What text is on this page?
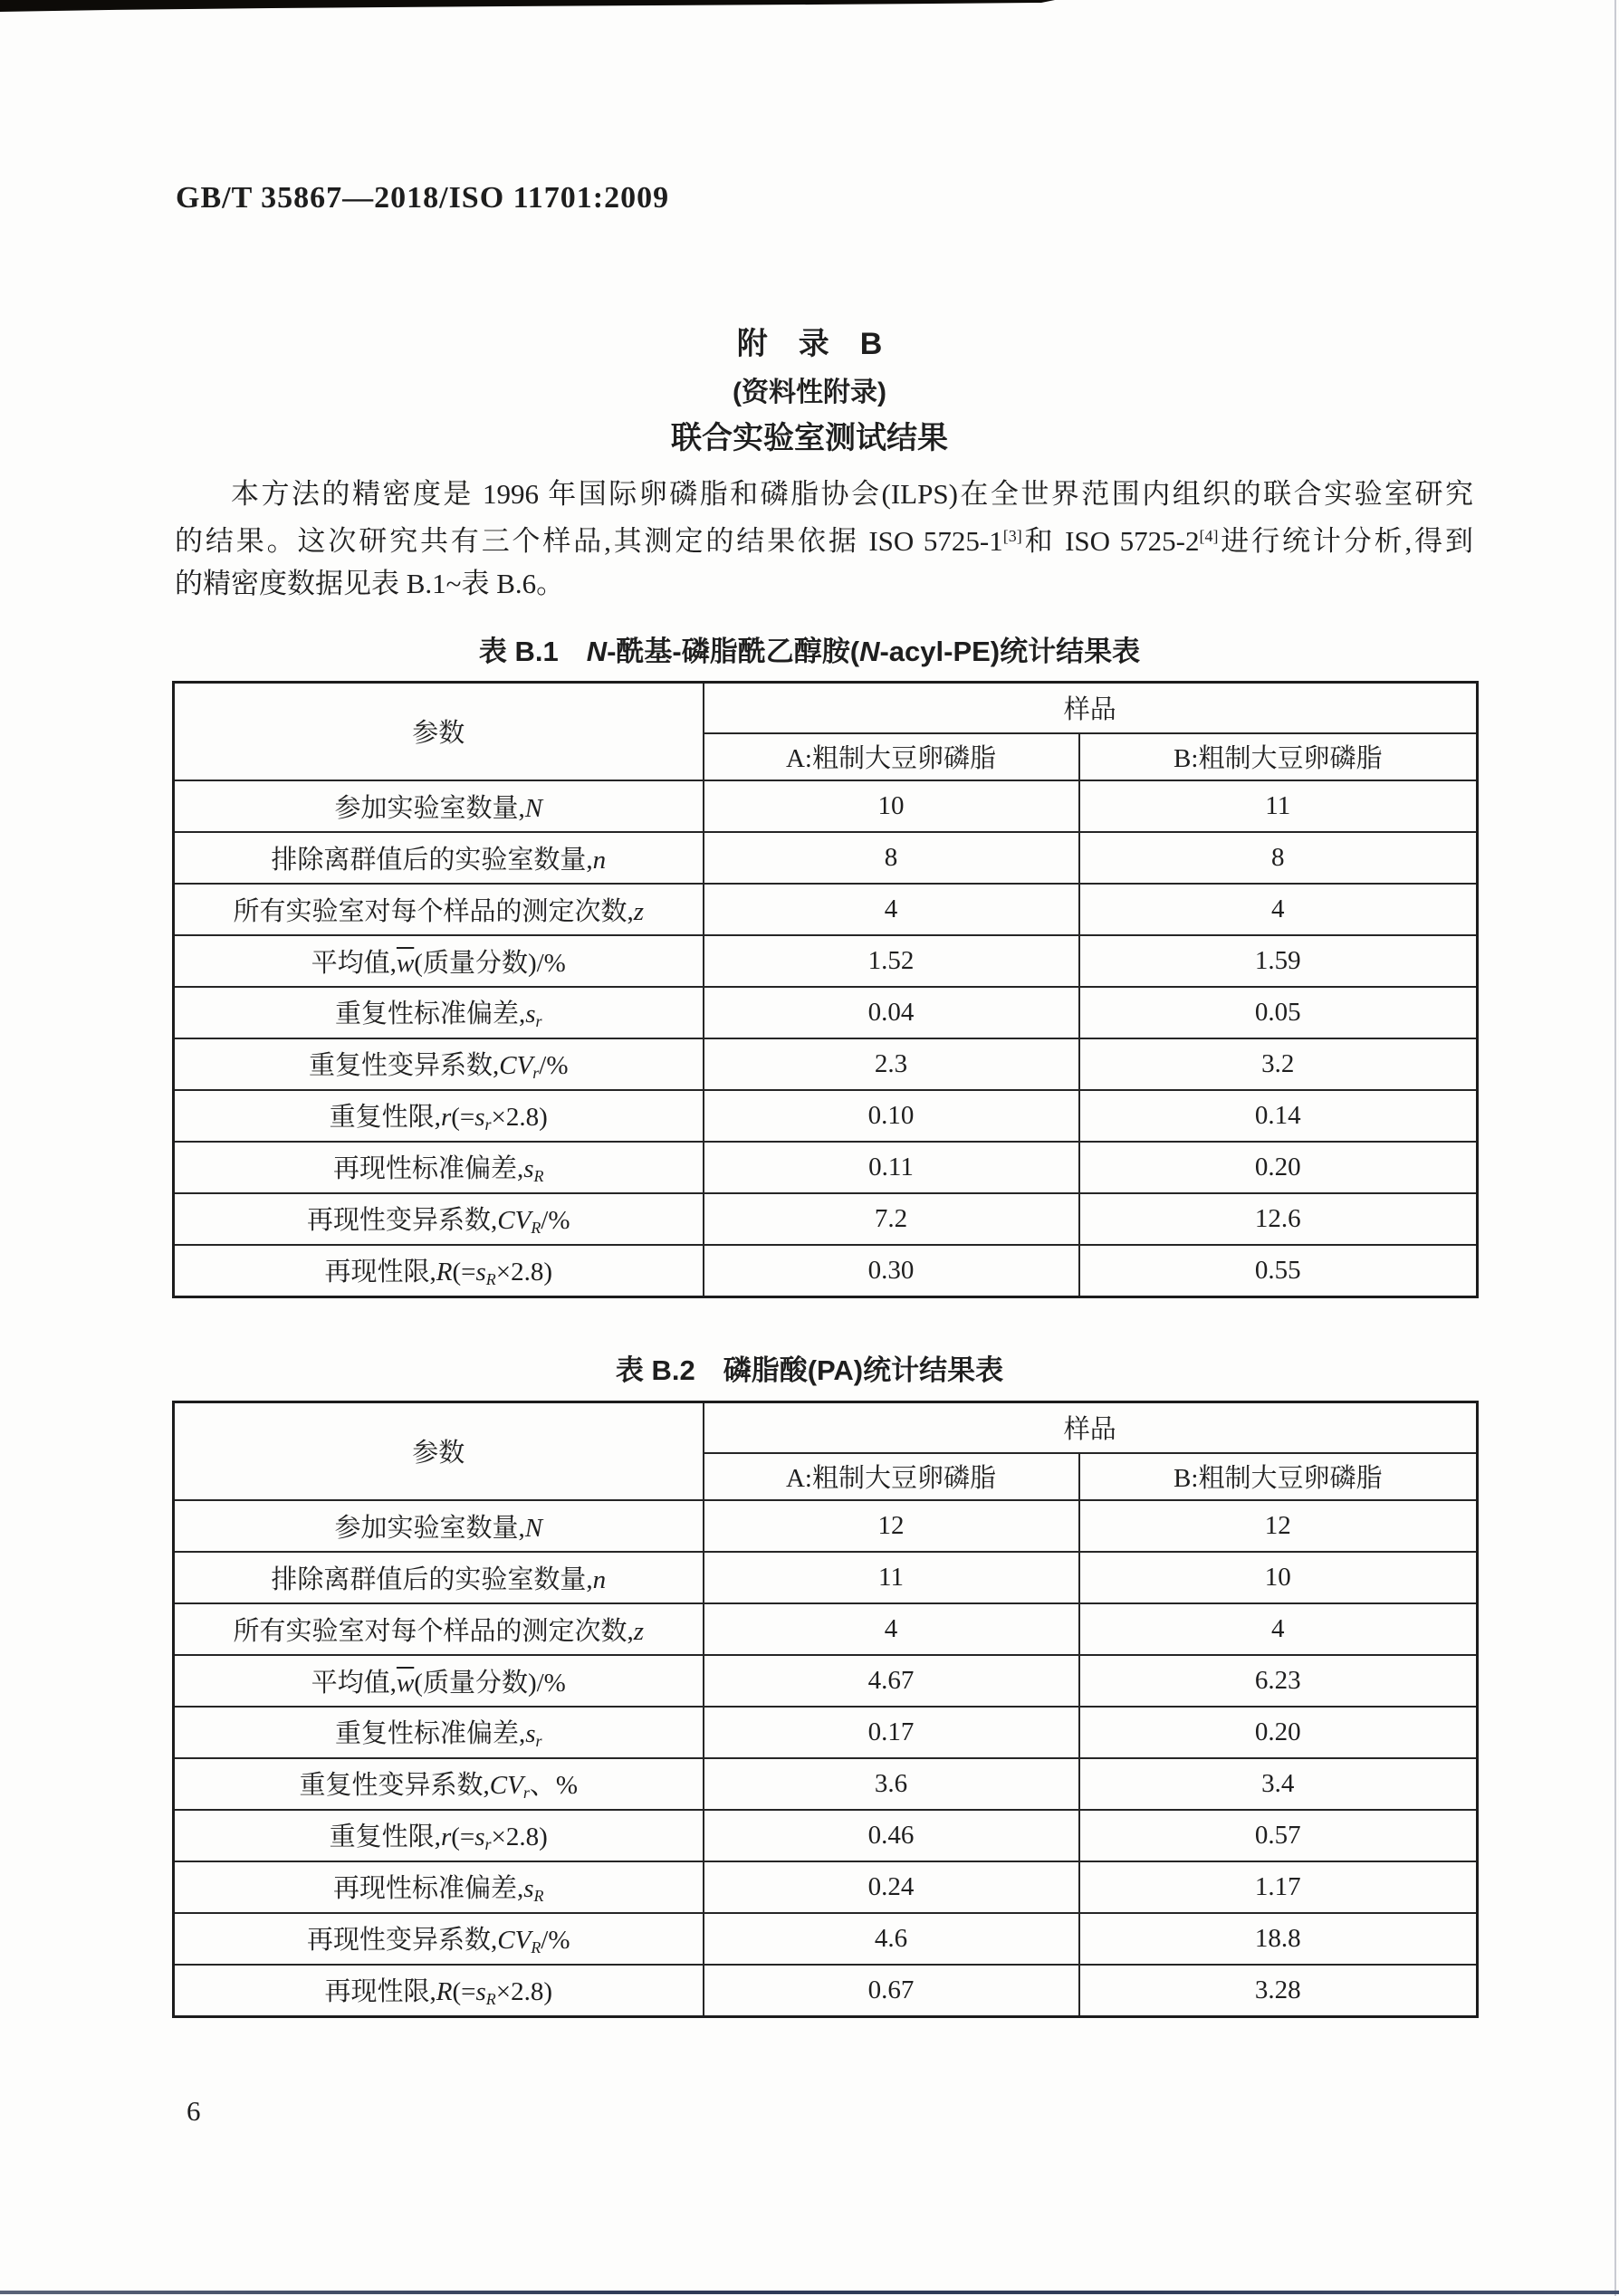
GB/T 35867—2018/ISO 11701:2009
附　录　B
(资料性附录)
联合实验室测试结果
本方法的精密度是 1996 年国际卵磷脂和磷脂协会(ILPS)在全世界范围内组织的联合实验室研究
的结果。这次研究共有三个样品,其测定的结果依据 ISO 5725-1[3]和 ISO 5725-2[4]进行统计分析,得到
的精密度数据见表 B.1~表 B.6。
表 B.1　N-酰基-磷脂酰乙醇胺(N-acyl-PE)统计结果表
参数	样品	
	A:粗制大豆卵磷脂	B:粗制大豆卵磷脂
参加实验室数量,N	10	11
排除离群值后的实验室数量,n	8	8
所有实验室对每个样品的测定次数,z	4	4
平均值$,\overline{w}$(质量分数)/%	1.52	1.59
重复性标准偏差,sr	0.04	0.05
重复性变异系数,CVr/%	2.3	3.2
重复性限,r(=sr×2.8)	0.10	0.14
再现性标准偏差,sR	0.11	0.20
再现性变异系数,CVR/%	7.2	12.6
再现性限,R(=sR×2.8)	0.30	0.55
表 B.2　磷脂酸(PA)统计结果表
参数	样品	
	A:粗制大豆卵磷脂	B:粗制大豆卵磷脂
参加实验室数量,N	12	12
排除离群值后的实验室数量,n	11	10
所有实验室对每个样品的测定次数,z	4	4
平均值$,\overline{w}$(质量分数)/%	4.67	6.23
重复性标准偏差,sr	0.17	0.20
重复性变异系数,CVr、%	3.6	3.4
重复性限,r(=sr×2.8)	0.46	0.57
再现性标准偏差,sR	0.24	1.17
再现性变异系数,CVR/%	4.6	18.8
再现性限,R(=sR×2.8)	0.67	3.28
6
